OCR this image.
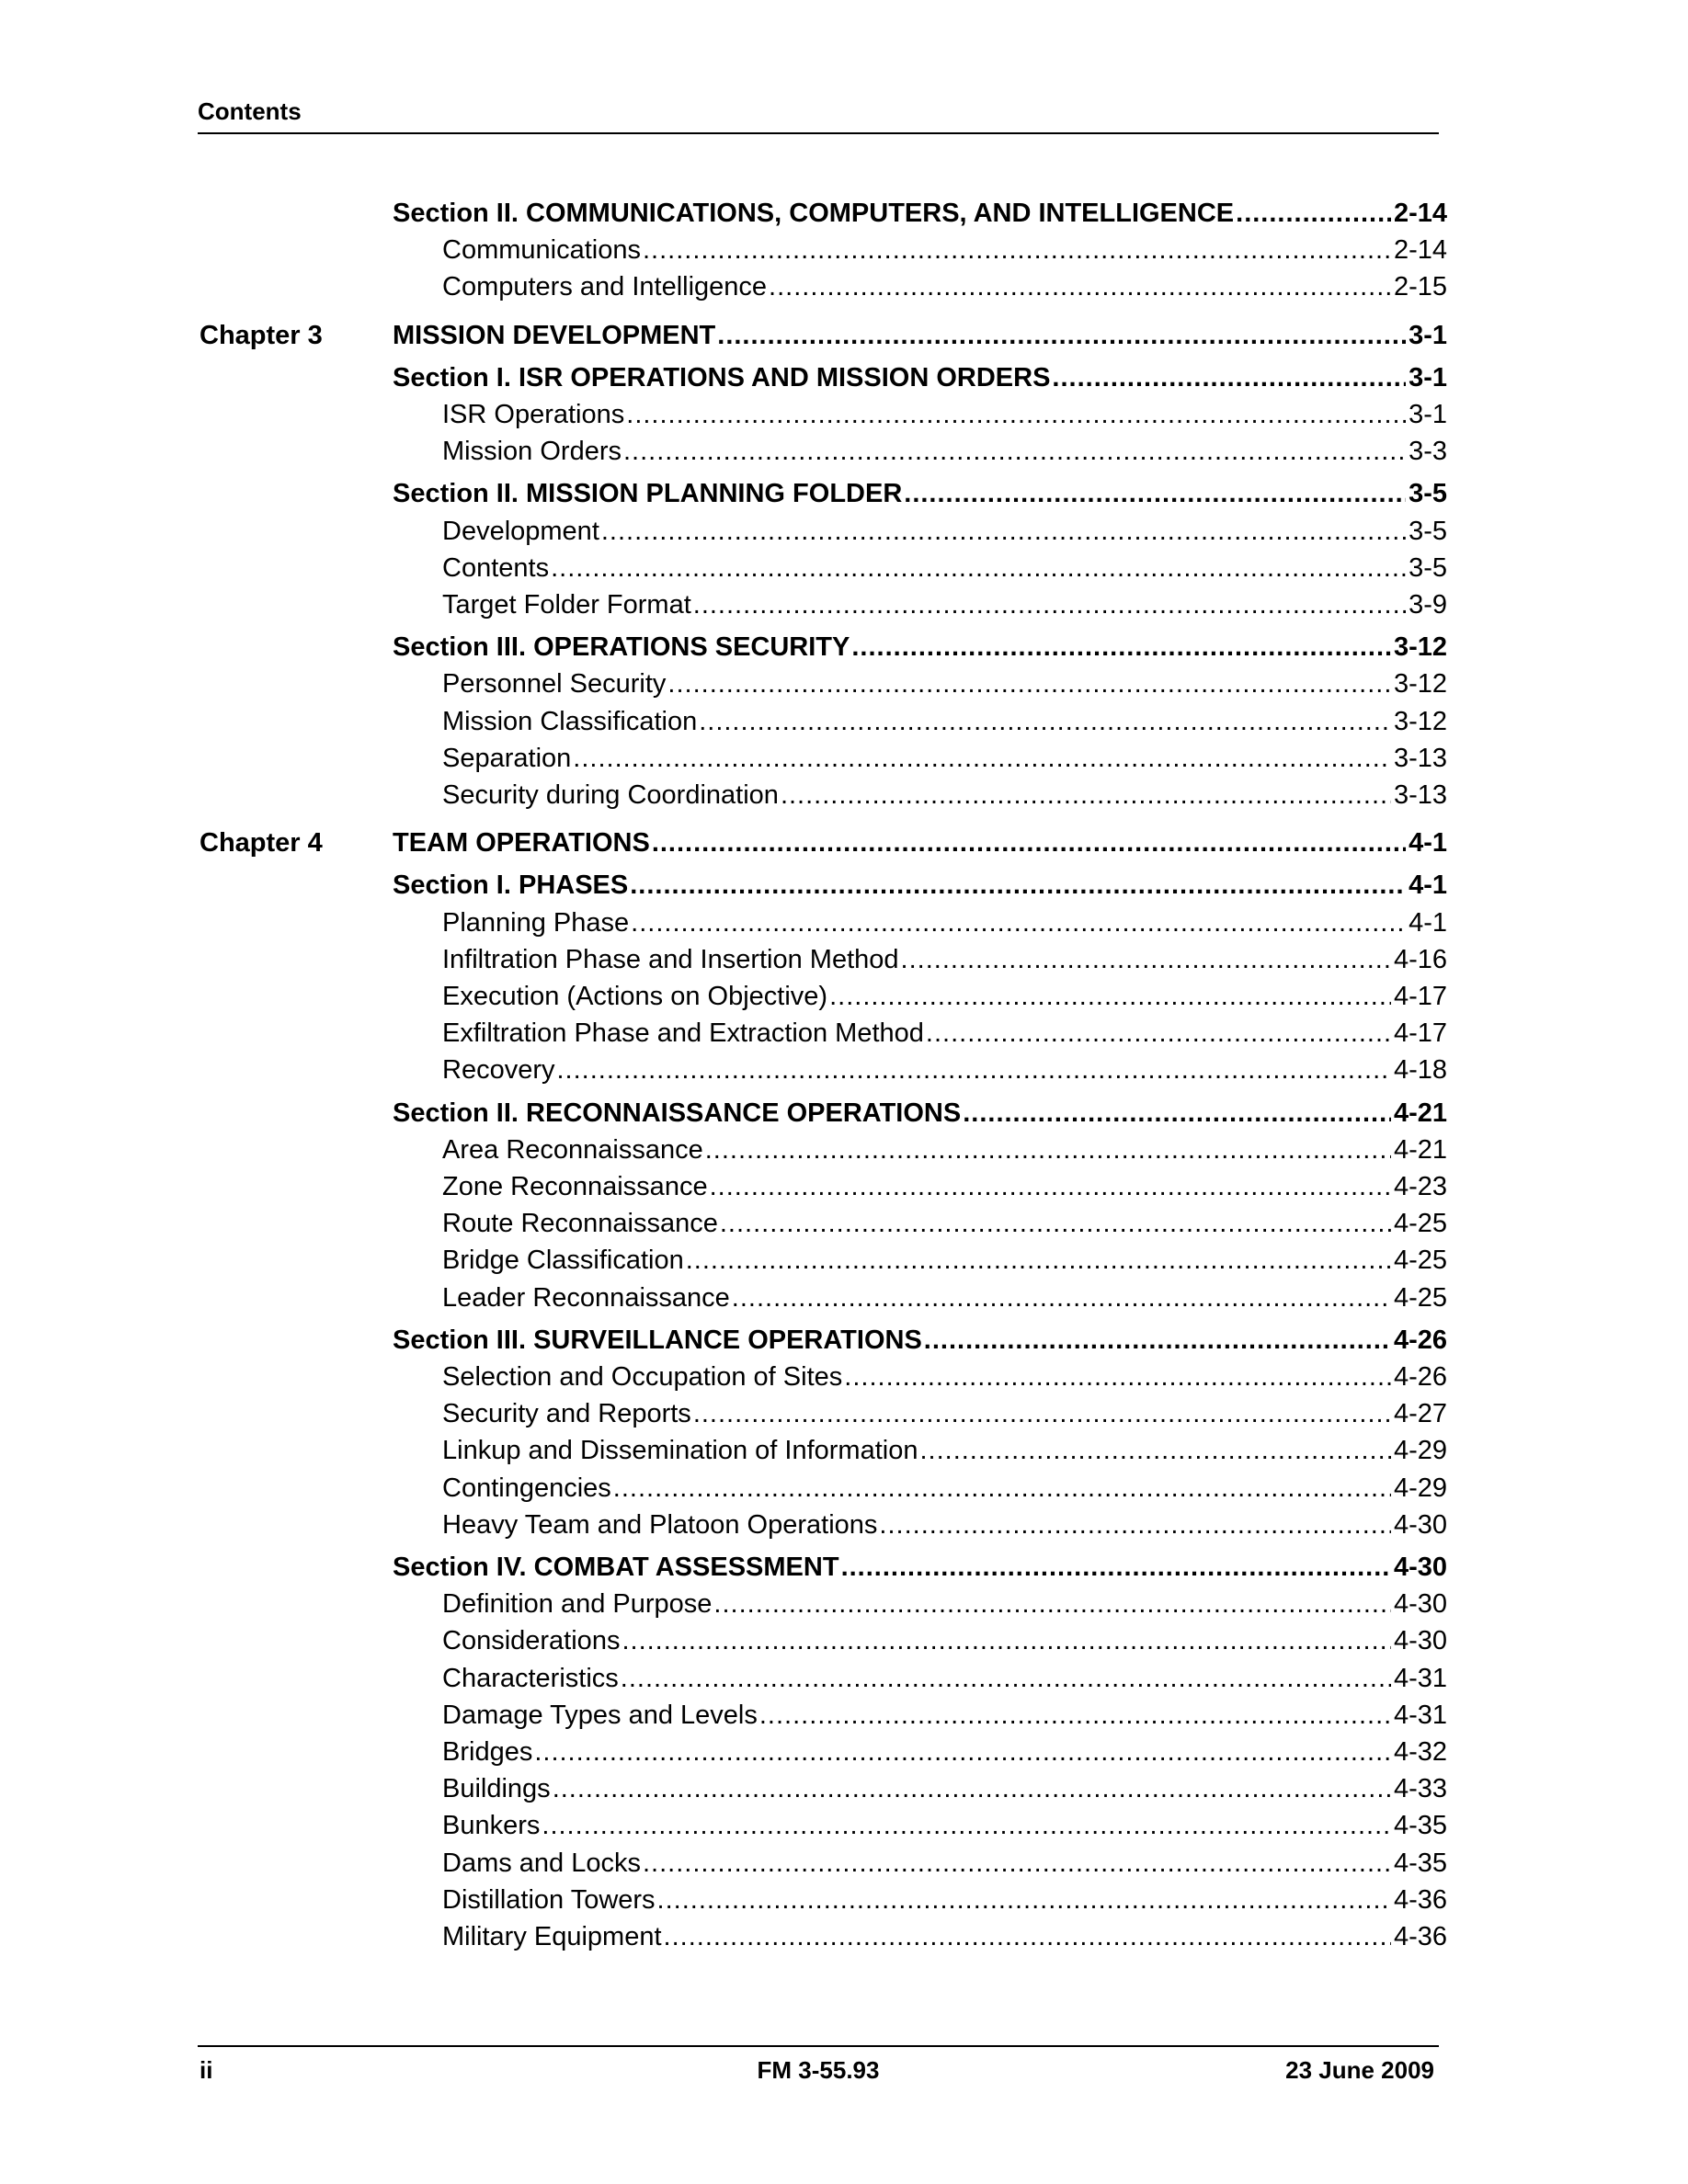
Contents
Section II. COMMUNICATIONS, COMPUTERS, AND INTELLIGENCE .....	2-14
Communications .....	2-14
Computers and Intelligence .....	2-15
Chapter 3	MISSION DEVELOPMENT .....	3-1
Section I. ISR OPERATIONS AND MISSION ORDERS .....	3-1
ISR Operations .....	3-1
Mission Orders .....	3-3
Section II. MISSION PLANNING FOLDER .....	3-5
Development .....	3-5
Contents .....	3-5
Target Folder Format .....	3-9
Section III. OPERATIONS SECURITY .....	3-12
Personnel Security .....	3-12
Mission Classification .....	3-12
Separation .....	3-13
Security during Coordination .....	3-13
Chapter 4	TEAM OPERATIONS .....	4-1
Section I. PHASES .....	4-1
Planning Phase .....	4-1
Infiltration Phase and Insertion Method .....	4-16
Execution (Actions on Objective) .....	4-17
Exfiltration Phase and Extraction Method .....	4-17
Recovery .....	4-18
Section II. RECONNAISSANCE OPERATIONS .....	4-21
Area Reconnaissance .....	4-21
Zone Reconnaissance .....	4-23
Route Reconnaissance .....	4-25
Bridge Classification .....	4-25
Leader Reconnaissance .....	4-25
Section III. SURVEILLANCE OPERATIONS .....	4-26
Selection and Occupation of Sites .....	4-26
Security and Reports .....	4-27
Linkup and Dissemination of Information .....	4-29
Contingencies .....	4-29
Heavy Team and Platoon Operations .....	4-30
Section IV. COMBAT ASSESSMENT .....	4-30
Definition and Purpose .....	4-30
Considerations .....	4-30
Characteristics .....	4-31
Damage Types and Levels .....	4-31
Bridges .....	4-32
Buildings .....	4-33
Bunkers .....	4-35
Dams and Locks .....	4-35
Distillation Towers .....	4-36
Military Equipment .....	4-36
ii	FM 3-55.93	23 June 2009
